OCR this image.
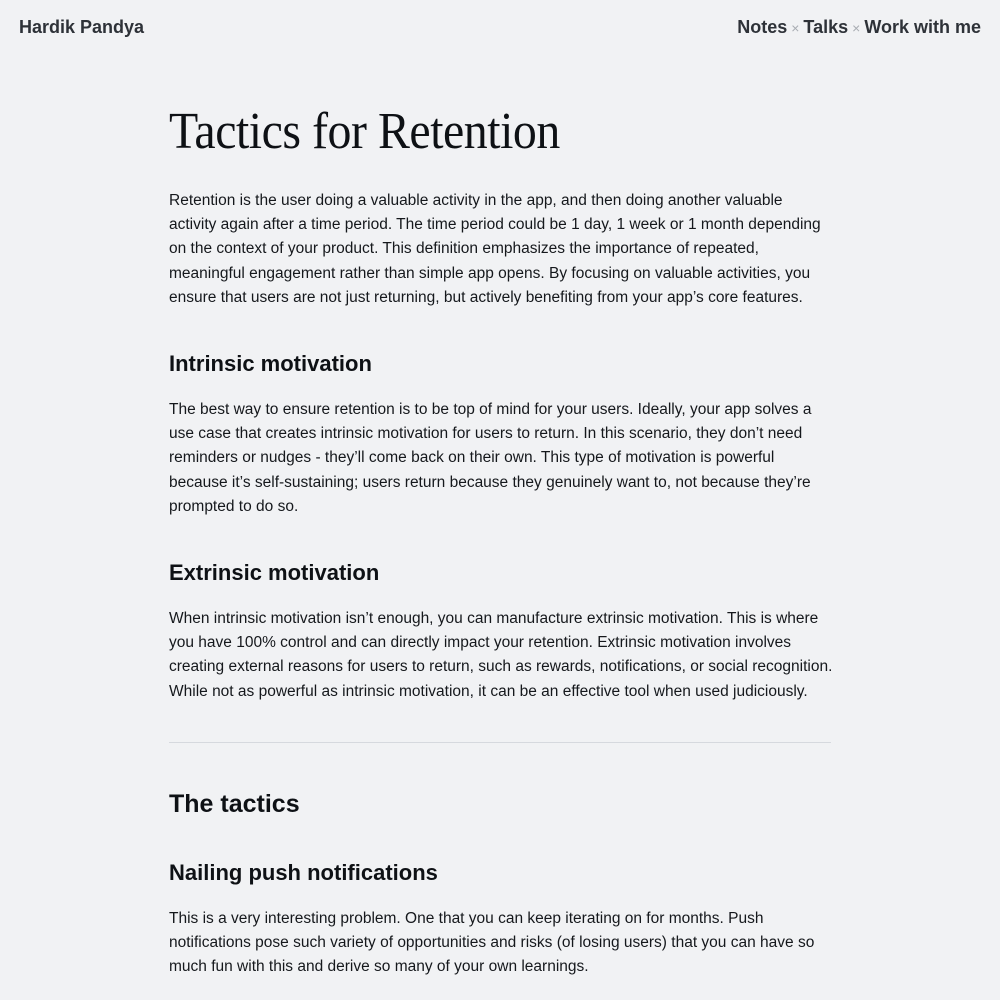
Hardik Pandya	Notes × Talks × Work with me
Tactics for Retention

Retention is the user doing a valuable activity in the app, and then doing another valuable activity again after a time period. The time period could be 1 day, 1 week or 1 month depending on the context of your product. This definition emphasizes the importance of repeated, meaningful engagement rather than simple app opens. By focusing on valuable activities, you ensure that users are not just returning, but actively benefiting from your app’s core features.

Intrinsic motivation

The best way to ensure retention is to be top of mind for your users. Ideally, your app solves a use case that creates intrinsic motivation for users to return. In this scenario, they don’t need reminders or nudges - they’ll come back on their own. This type of motivation is powerful because it’s self-sustaining; users return because they genuinely want to, not because they’re prompted to do so.

Extrinsic motivation

When intrinsic motivation isn’t enough, you can manufacture extrinsic motivation. This is where you have 100% control and can directly impact your retention. Extrinsic motivation involves creating external reasons for users to return, such as rewards, notifications, or social recognition. While not as powerful as intrinsic motivation, it can be an effective tool when used judiciously.

The tactics
Nailing push notifications

This is a very interesting problem. One that you can keep iterating on for months. Push notifications pose such variety of opportunities and risks (of losing users) that you can have so much fun with this and derive so many of your own learnings.
